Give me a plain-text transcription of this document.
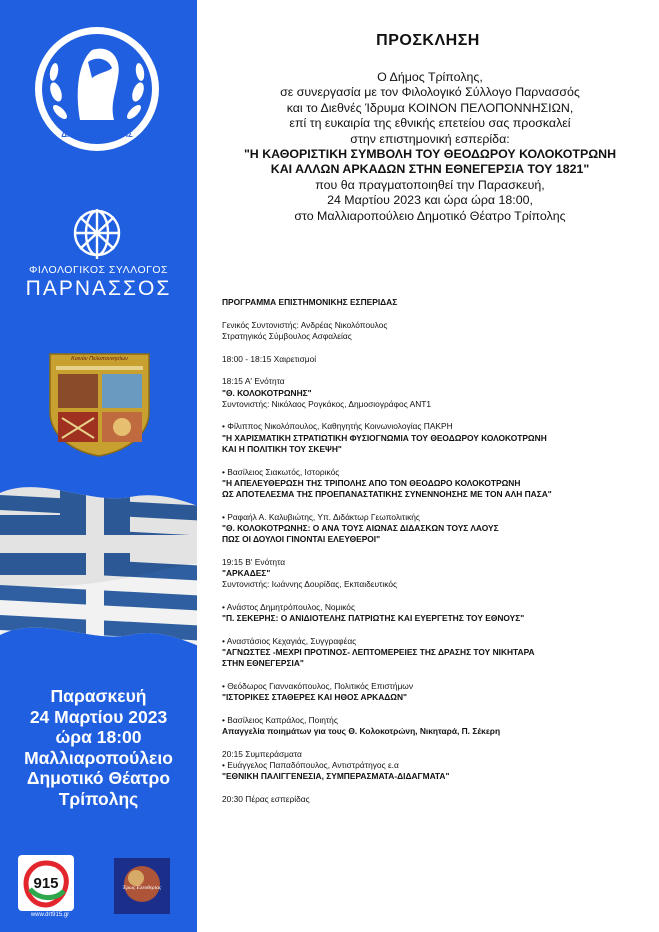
ΔΗΜΟΣ ΤΡΙΠΟΛΗΣ
ΦΙΛΟΛΟΓΙΚΟΣ ΣΥΛΛΟΓΟΣ
ΠΑΡΝΑΣΣΟΣ
Κοινόν Πελοποννησίων
Παρασκευή
24 Μαρτίου 2023
ώρα 18:00
Μαλλιαροπούλειο
Δημοτικό Θέατρο
Τρίπολης
915
www.drt915.gr
Έρως Ελευθερίας
ΠΡΟΣΚΛΗΣΗ
Ο Δήμος Τρίπολης,
σε συνεργασία με τον Φιλολογικό Σύλλογο Παρνασσός
και το Διεθνές Ίδρυμα ΚΟΙΝΟΝ ΠΕΛΟΠΟΝΝΗΣΙΩΝ,
επί τη ευκαιρία της εθνικής επετείου σας προσκαλεί
στην επιστημονική εσπερίδα:
"Η ΚΑΘΟΡΙΣΤΙΚΗ ΣΥΜΒΟΛΗ ΤΟΥ ΘΕΟΔΩΡΟΥ ΚΟΛΟΚΟΤΡΩΝΗ
ΚΑΙ ΑΛΛΩΝ ΑΡΚΑΔΩΝ ΣΤΗΝ ΕΘΝΕΓΕΡΣΙΑ ΤΟΥ 1821"
που θα πραγματοποιηθεί την Παρασκευή,
24 Μαρτίου 2023 και ώρα ώρα 18:00,
στο Μαλλιαροπούλειο Δημοτικό Θέατρο Τρίπολης
ΠΡΟΓΡΑΜΜΑ ΕΠΙΣΤΗΜΟΝΙΚΗΣ ΕΣΠΕΡΙΔΑΣ
Γενικός Συντονιστής: Ανδρέας Νικολόπουλος
Στρατηγικός Σύμβουλος Ασφαλείας
18:00 - 18:15 Χαιρετισμοί
18:15 Α' Ενότητα
"Θ. ΚΟΛΟΚΟΤΡΩΝΗΣ"
Συντονιστής: Νικόλαος Ρογκάκος, Δημοσιογράφος ΑΝΤ1
• Φίλιππος Νικολόπουλος, Καθηγητής Κοινωνιολογίας ΠΑΚΡΗ
"Η ΧΑΡΙΣΜΑΤΙΚΗ ΣΤΡΑΤΙΩΤΙΚΗ ΦΥΣΙΟΓΝΩΜΙΑ ΤΟΥ ΘΕΟΔΩΡΟΥ ΚΟΛΟΚΟΤΡΩΝΗ
ΚΑΙ Η ΠΟΛΙΤΙΚΗ ΤΟΥ ΣΚΕΨΗ"
• Βασίλειος Σιακωτός, Ιστορικός
"Η ΑΠΕΛΕΥΘΕΡΩΣΗ ΤΗΣ ΤΡΙΠΟΛΗΣ ΑΠΟ ΤΟΝ ΘΕΟΔΩΡΟ ΚΟΛΟΚΟΤΡΩΝΗ
ΩΣ ΑΠΟΤΕΛΕΣΜΑ ΤΗΣ ΠΡΟΕΠΑΝΑΣΤΑΤΙΚΗΣ ΣΥΝΕΝΝΟΗΣΗΣ ΜΕ ΤΟΝ ΑΛΗ ΠΑΣΑ"
• Ραφαήλ Α. Καλυβιώτης, Υπ. Διδάκτωρ Γεωπολιτικής
"Θ. ΚΟΛΟΚΟΤΡΩΝΗΣ: Ο ΑΝΑ ΤΟΥΣ ΑΙΩΝΑΣ ΔΙΔΑΣΚΩΝ ΤΟΥΣ ΛΑΟΥΣ
ΠΩΣ ΟΙ ΔΟΥΛΟΙ ΓΙΝΟΝΤΑΙ ΕΛΕΥΘΕΡΟΙ"
19:15 Β' Ενότητα
"ΑΡΚΑΔΕΣ"
Συντονιστής: Ιωάννης Δουρίδας, Εκπαιδευτικός
• Ανάστος Δημητρόπουλος, Νομικός
"Π. ΣΕΚΕΡΗΣ: Ο ΑΝΙΔΙΟΤΕΛΗΣ ΠΑΤΡΙΩΤΗΣ ΚΑΙ ΕΥΕΡΓΕΤΗΣ ΤΟΥ ΕΘΝΟΥΣ"
• Αναστάσιος Κεχαγιάς, Συγγραφέας
"ΑΓΝΩΣΤΕΣ -ΜΕΧΡΙ ΠΡΟΤΙΝΟΣ- ΛΕΠΤΟΜΕΡΕΙΕΣ ΤΗΣ ΔΡΑΣΗΣ ΤΟΥ ΝΙΚΗΤΑΡΑ
ΣΤΗΝ ΕΘΝΕΓΕΡΣΙΑ"
• Θεόδωρος Γιαννακόπουλος, Πολιτικός Επιστήμων
"ΙΣΤΟΡΙΚΕΣ ΣΤΑΘΕΡΕΣ ΚΑΙ ΗΘΟΣ ΑΡΚΑΔΩΝ"
• Βασίλειος Καπράλος, Ποιητής
Απαγγελία ποιημάτων για τους Θ. Κολοκοτρώνη, Νικηταρά, Π. Σέκερη
20:15 Συμπεράσματα
• Ευάγγελος Παπαδόπουλος, Αντιστράτηγος ε.α
"ΕΘΝΙΚΗ ΠΑΛΙΓΓΕΝΕΣΙΑ, ΣΥΜΠΕΡΑΣΜΑΤΑ-ΔΙΔΑΓΜΑΤΑ"
20:30 Πέρας εσπερίδας
